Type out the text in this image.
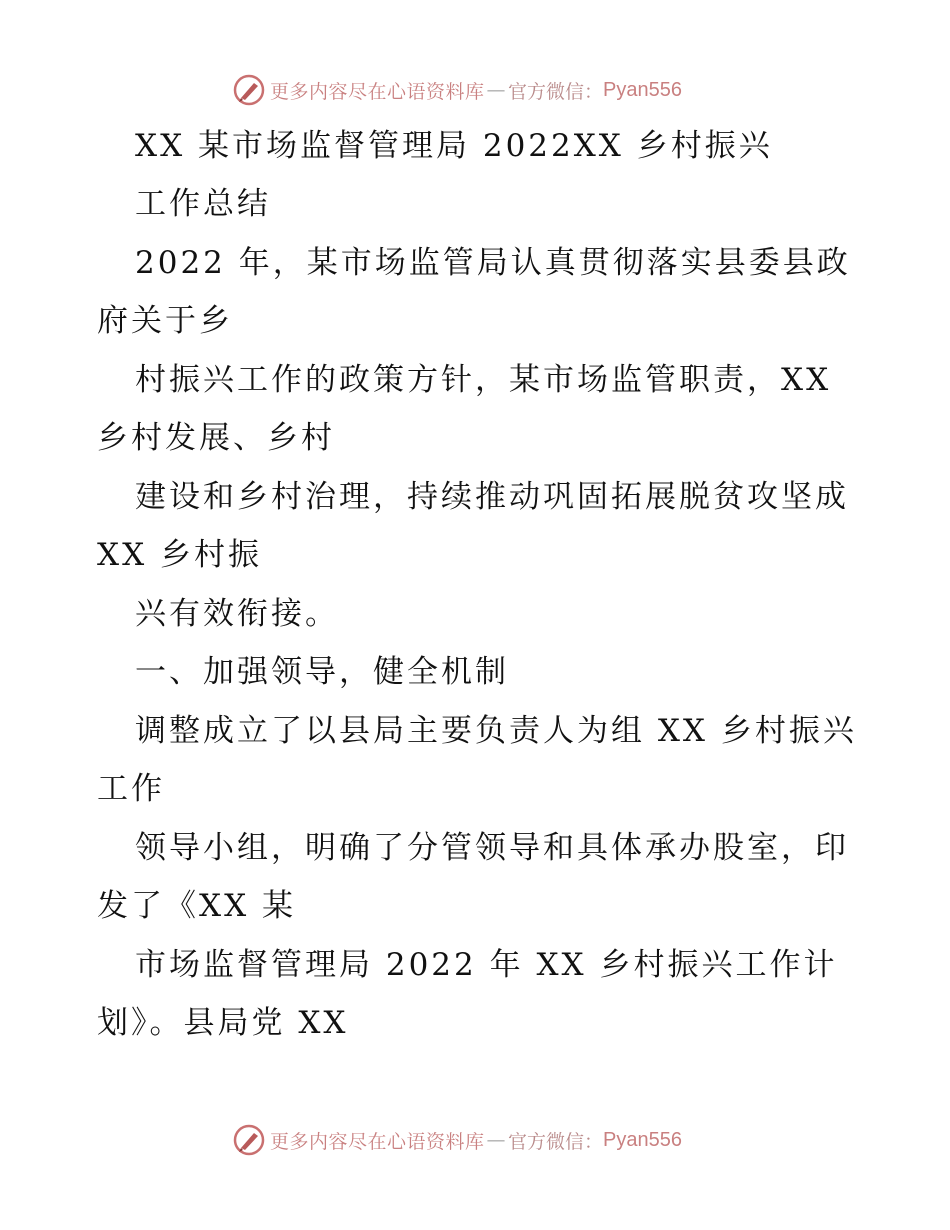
更多内容尽在心语资料库 — 官方微信： Pyan556
XX 某市场监督管理局 2022XX 乡村振兴
工作总结
2022 年，某市场监管局认真贯彻落实县委县政
府关于乡
村振兴工作的政策方针，某市场监管职责，XX
乡村发展、乡村
建设和乡村治理，持续推动巩固拓展脱贫攻坚成
XX 乡村振
兴有效衔接。
一、加强领导，健全机制
调整成立了以县局主要负责人为组 XX 乡村振兴
工作
领导小组，明确了分管领导和具体承办股室，印
发了《XX 某
市场监督管理局 2022 年 XX 乡村振兴工作计
划》。县局党 XX
更多内容尽在心语资料库 — 官方微信： Pyan556
